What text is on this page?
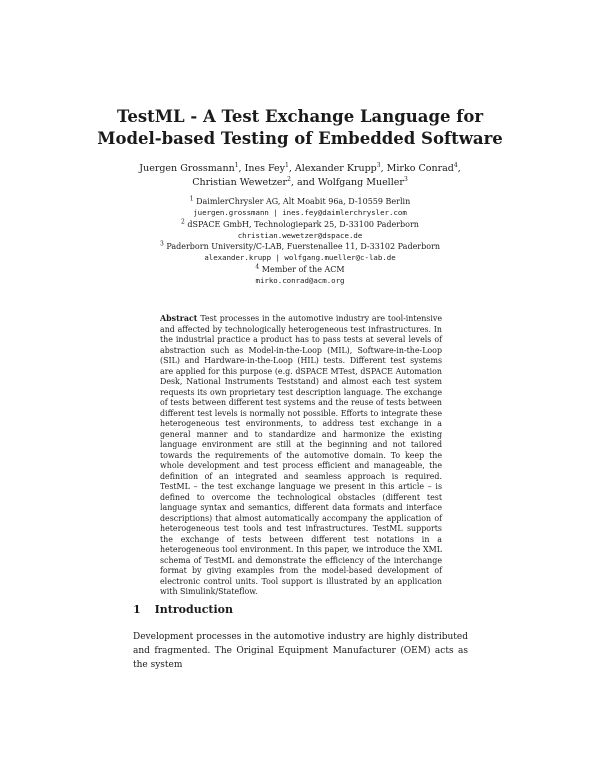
TestML - A Test Exchange Language for
Model-based Testing of Embedded Software
Juergen Grossmann$^1$, Ines Fey$^1$, Alexander Krupp$^3$, Mirko Conrad$^4$, Christian Wewetzer$^2$, and Wolfgang Mueller$^3$
$^1$ DaimlerChrysler AG, Alt Moabit 96a, D-10559 Berlin
juergen.grossmann | ines.fey@daimlerchrysler.com
$^2$ dSPACE GmbH, Technologiepark 25, D-33100 Paderborn
christian.wewetzer@dspace.de
$^3$ Paderborn University/C-LAB, Fuerstenallee 11, D-33102 Paderborn
alexander.krupp | wolfgang.mueller@c-lab.de
$^4$ Member of the ACM
mirko.conrad@acm.org
Abstract Test processes in the automotive industry are tool-intensive and affected by technologically heterogeneous test infrastructures. In the industrial practice a product has to pass tests at several levels of abstraction such as Model-in-the-Loop (MIL), Software-in-the-Loop (SIL) and Hardware-in-the-Loop (HIL) tests. Different test systems are applied for this purpose (e.g. dSPACE MTest, dSPACE Automation Desk, National Instruments Teststand) and almost each test system requests its own proprietary test description language. The exchange of tests between different test systems and the reuse of tests between different test levels is normally not possible. Efforts to integrate these heterogeneous test environments, to address test exchange in a general manner and to standardize and harmonize the existing language environment are still at the beginning and not tailored towards the requirements of the automotive domain. To keep the whole development and test process efficient and manageable, the definition of an integrated and seamless approach is required. TestML – the test exchange language we present in this article – is defined to overcome the technological obstacles (different test language syntax and semantics, different data formats and interface descriptions) that almost automatically accompany the application of heterogeneous test tools and test infrastructures. TestML supports the exchange of tests between different test notations in a heterogeneous tool environment. In this paper, we introduce the XML schema of TestML and demonstrate the efficiency of the interchange format by giving examples from the model-based development of electronic control units. Tool support is illustrated by an application with Simulink/Stateflow.
1 Introduction
Development processes in the automotive industry are highly distributed and fragmented. The Original Equipment Manufacturer (OEM) acts as the system
